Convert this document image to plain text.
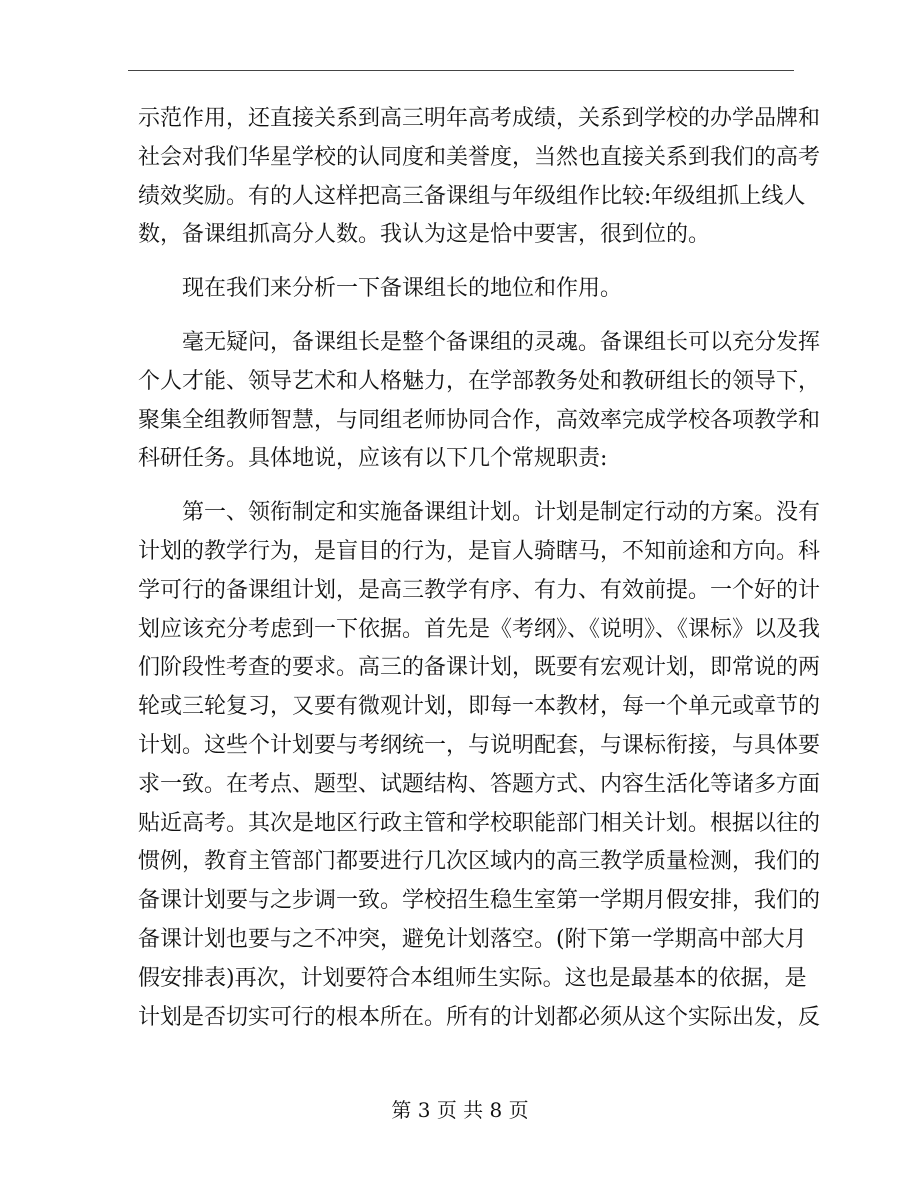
示范作用，还直接关系到高三明年高考成绩，关系到学校的办学品牌和
社会对我们华星学校的认同度和美誉度，当然也直接关系到我们的高考
绩效奖励。有的人这样把高三备课组与年级组作比较:年级组抓上线人
数，备课组抓高分人数。我认为这是恰中要害，很到位的。
现在我们来分析一下备课组长的地位和作用。
毫无疑问，备课组长是整个备课组的灵魂。备课组长可以充分发挥
个人才能、领导艺术和人格魅力，在学部教务处和教研组长的领导下，
聚集全组教师智慧，与同组老师协同合作，高效率完成学校各项教学和
科研任务。具体地说，应该有以下几个常规职责:
第一、领衔制定和实施备课组计划。计划是制定行动的方案。没有
计划的教学行为，是盲目的行为，是盲人骑瞎马，不知前途和方向。科
学可行的备课组计划，是高三教学有序、有力、有效前提。一个好的计
划应该充分考虑到一下依据。首先是《考纲》、《说明》、《课标》以及我
们阶段性考查的要求。高三的备课计划，既要有宏观计划，即常说的两
轮或三轮复习，又要有微观计划，即每一本教材，每一个单元或章节的
计划。这些个计划要与考纲统一，与说明配套，与课标衔接，与具体要
求一致。在考点、题型、试题结构、答题方式、内容生活化等诸多方面
贴近高考。其次是地区行政主管和学校职能部门相关计划。根据以往的
惯例，教育主管部门都要进行几次区域内的高三教学质量检测，我们的
备课计划要与之步调一致。学校招生稳生室第一学期月假安排，我们的
备课计划也要与之不冲突，避免计划落空。(附下第一学期高中部大月
假安排表)再次，计划要符合本组师生实际。这也是最基本的依据，是
计划是否切实可行的根本所在。所有的计划都必须从这个实际出发，反
第 3 页 共 8 页
